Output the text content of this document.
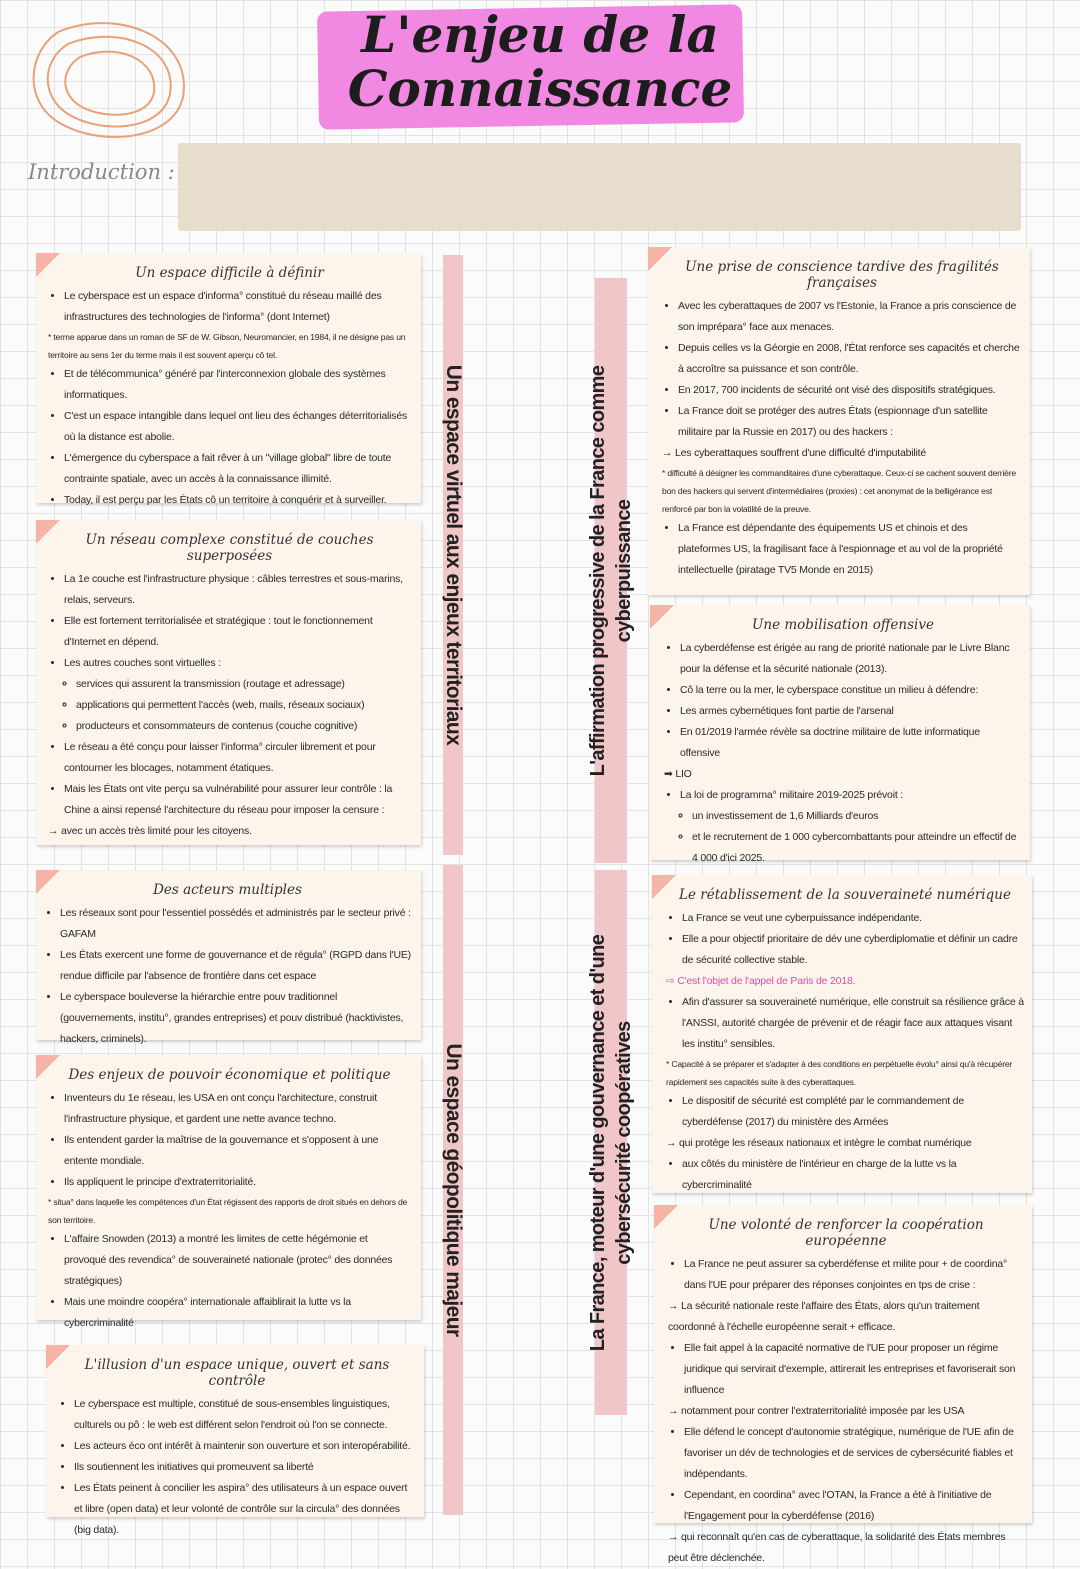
L'enjeu de la
Connaissance
Introduction :
Un espace virtuel aux enjeux territoriaux
Un espace géopolitique majeur
L'affirmation progressive de la France comme cyberpuissance
La France, moteur d'une gouvernance et d'une cybersécurité coopératives
Un espace difficile à définir
• Le cyberspace est un espace d'informa° constitué du réseau maillé des infrastructures des technologies de l'informa° (dont Internet)

* terme apparue dans un roman de SF de W. Gibson, Neuromancier, en 1984, il ne désigne pas un territoire au sens 1er du terme mais il est souvent aperçu cô tel.

• Et de télécommunica° généré par l'interconnexion globale des systèmes informatiques.
• C'est un espace intangible dans lequel ont lieu des échanges déterritorialisés où la distance est abolie.
• L'émergence du cyberspace a fait rêver à un "village global" libre de toute contrainte spatiale, avec un accès à la connaissance illimité.
• Today, il est perçu par les États cô un territoire à conquérir et à surveiller.
Un réseau complexe constitué de couches superposées
• La 1e couche est l'infrastructure physique : câbles terrestres et sous-marins, relais, serveurs.
• Elle est fortement territorialisée et stratégique : tout le fonctionnement d'Internet en dépend.
• Les autres couches sont virtuelles :
◦ services qui assurent la transmission (routage et adressage)
◦ applications qui permettent l'accès (web, mails, réseaux sociaux)
◦ producteurs et consommateurs de contenus (couche cognitive)
• Le réseau a été conçu pour laisser l'informa° circuler librement et pour contourner les blocages, notamment étatiques.
• Mais les États ont vite perçu sa vulnérabilité pour assurer leur contrôle : la Chine a ainsi repensé l'architecture du réseau pour imposer la censure :

→ avec un accès très limité pour les citoyens.

Des acteurs multiples
• Les réseaux sont pour l'essentiel possédés et administrés par le secteur privé : GAFAM
• Les États exercent une forme de gouvernance et de régula° (RGPD dans l'UE) rendue difficile par l'absence de frontière dans cet espace
• Le cyberspace bouleverse la hiérarchie entre pouv traditionnel (gouvernements, institu°, grandes entreprises) et pouv distribué (hacktivistes, hackers, criminels).
•
Des enjeux de pouvoir économique et politique
• Inventeurs du 1e réseau, les USA en ont conçu l'architecture, construit l'infrastructure physique, et gardent une nette avance techno.
• Ils entendent garder la maîtrise de la gouvernance et s'opposent à une entente mondiale.
• Ils appliquent le principe d'extraterritorialité.

* situa° dans laquelle les compétences d'un État régissent des rapports de droit situés en dehors de son territoire.

• L'affaire Snowden (2013) a montré les limites de cette hégémonie et provoqué des revendica° de souveraineté nationale (protec° des données stratégiques)
• Mais une moindre coopéra° internationale affaiblirait la lutte vs la cybercriminalité
L'illusion d'un espace unique, ouvert et sans contrôle
• Le cyberspace est multiple, constitué de sous-ensembles linguistiques, culturels ou pô : le web est différent selon l'endroit où l'on se connecte.
• Les acteurs éco ont intérêt à maintenir son ouverture et son interopérabilité.
• Ils soutiennent les initiatives qui promeuvent sa liberté
• Les États peinent à concilier les aspira° des utilisateurs à un espace ouvert et libre (open data) et leur volonté de contrôle sur la circula° des données (big data).
Une prise de conscience tardive des fragilités françaises
• Avec les cyberattaques de 2007 vs l'Estonie, la France a pris conscience de son impréparа° face aux menaces.
• Depuis celles vs la Géorgie en 2008, l'État renforce ses capacités et cherche à accroître sa puissance et son contrôle.
• En 2017, 700 incidents de sécurité ont visé des dispositifs stratégiques.
• La France doit se protéger des autres États (espionnage d'un satellite militaire par la Russie en 2017) ou des hackers :

→ Les cyberattaques souffrent d'une difficulté d'imputabilité

* difficulté à désigner les commanditaires d'une cyberattaque. Ceux-ci se cachent souvent derrière bon des hackers qui servent d'intermédiaires (proxies) : cet anonymat de la belligérance est renforcé par bon la volatilité de la preuve.

• La France est dépendante des équipements US et chinois et des plateformes US, la fragilisant face à l'espionnage et au vol de la propriété intellectuelle (piratage TV5 Monde en 2015)
Une mobilisation offensive
• La cyberdéfense est érigée au rang de priorité nationale par le Livre Blanc pour la défense et la sécurité nationale (2013).
• Cô la terre ou la mer, le cyberspace constitue un milieu à défendre:
• Les armes cybernétiques font partie de l'arsenal
• En 01/2019 l'armée révèle sa doctrine militaire de lutte informatique offensive

➡ LIO

• La loi de programma° militaire 2019-2025 prévoit :
◦ un investissement de 1,6 Milliards d'euros
◦ et le recrutement de 1 000 cybercombattants pour atteindre un effectif de 4 000 d'ici 2025.
Le rétablissement de la souveraineté numérique
• La France se veut une cyberpuissance indépendante.
• Elle a pour objectif prioritaire de dév une cyberdiplomatie et définir un cadre de sécurité collective stable.

⇨ C'est l'objet de l'appel de Paris de 2018.

• Afin d'assurer sa souveraineté numérique, elle construit sa résilience grâce à l'ANSSI, autorité chargée de prévenir et de réagir face aux attaques visant les institu° sensibles.

* Capacité à se préparer et s'adapter à des conditions en perpétuelle évolu° ainsi qu'à récupérer rapidement ses capacités suite à des cyberattaques.

• Le dispositif de sécurité est complété par le commandement de cyberdéfense (2017) du ministère des Armées

→ qui protège les réseaux nationaux et intègre le combat numérique

• aux côtés du ministère de l'intérieur en charge de la lutte vs la cybercriminalité
Une volonté de renforcer la coopération européenne
• La France ne peut assurer sa cyberdéfense et milite pour + de coordina° dans l'UE pour préparer des réponses conjointes en tps de crise :

→ La sécurité nationale reste l'affaire des États, alors qu'un traitement coordonné à l'échelle européenne serait + efficace.

• Elle fait appel à la capacité normative de l'UE pour proposer un régime juridique qui servirait d'exemple, attirerait les entreprises et favoriserait son influence

→ notamment pour contrer l'extraterritorialité imposée par les USA

• Elle défend le concept d'autonomie stratégique, numérique de l'UE afin de favoriser un dév de technologies et de services de cybersécurité fiables et indépendants.
• Cependant, en coordina° avec l'OTAN, la France a été à l'initiative de l'Engagement pour la cyberdéfense (2016)

→ qui reconnaît qu'en cas de cyberattaque, la solidarité des États membres peut être déclenchée.
